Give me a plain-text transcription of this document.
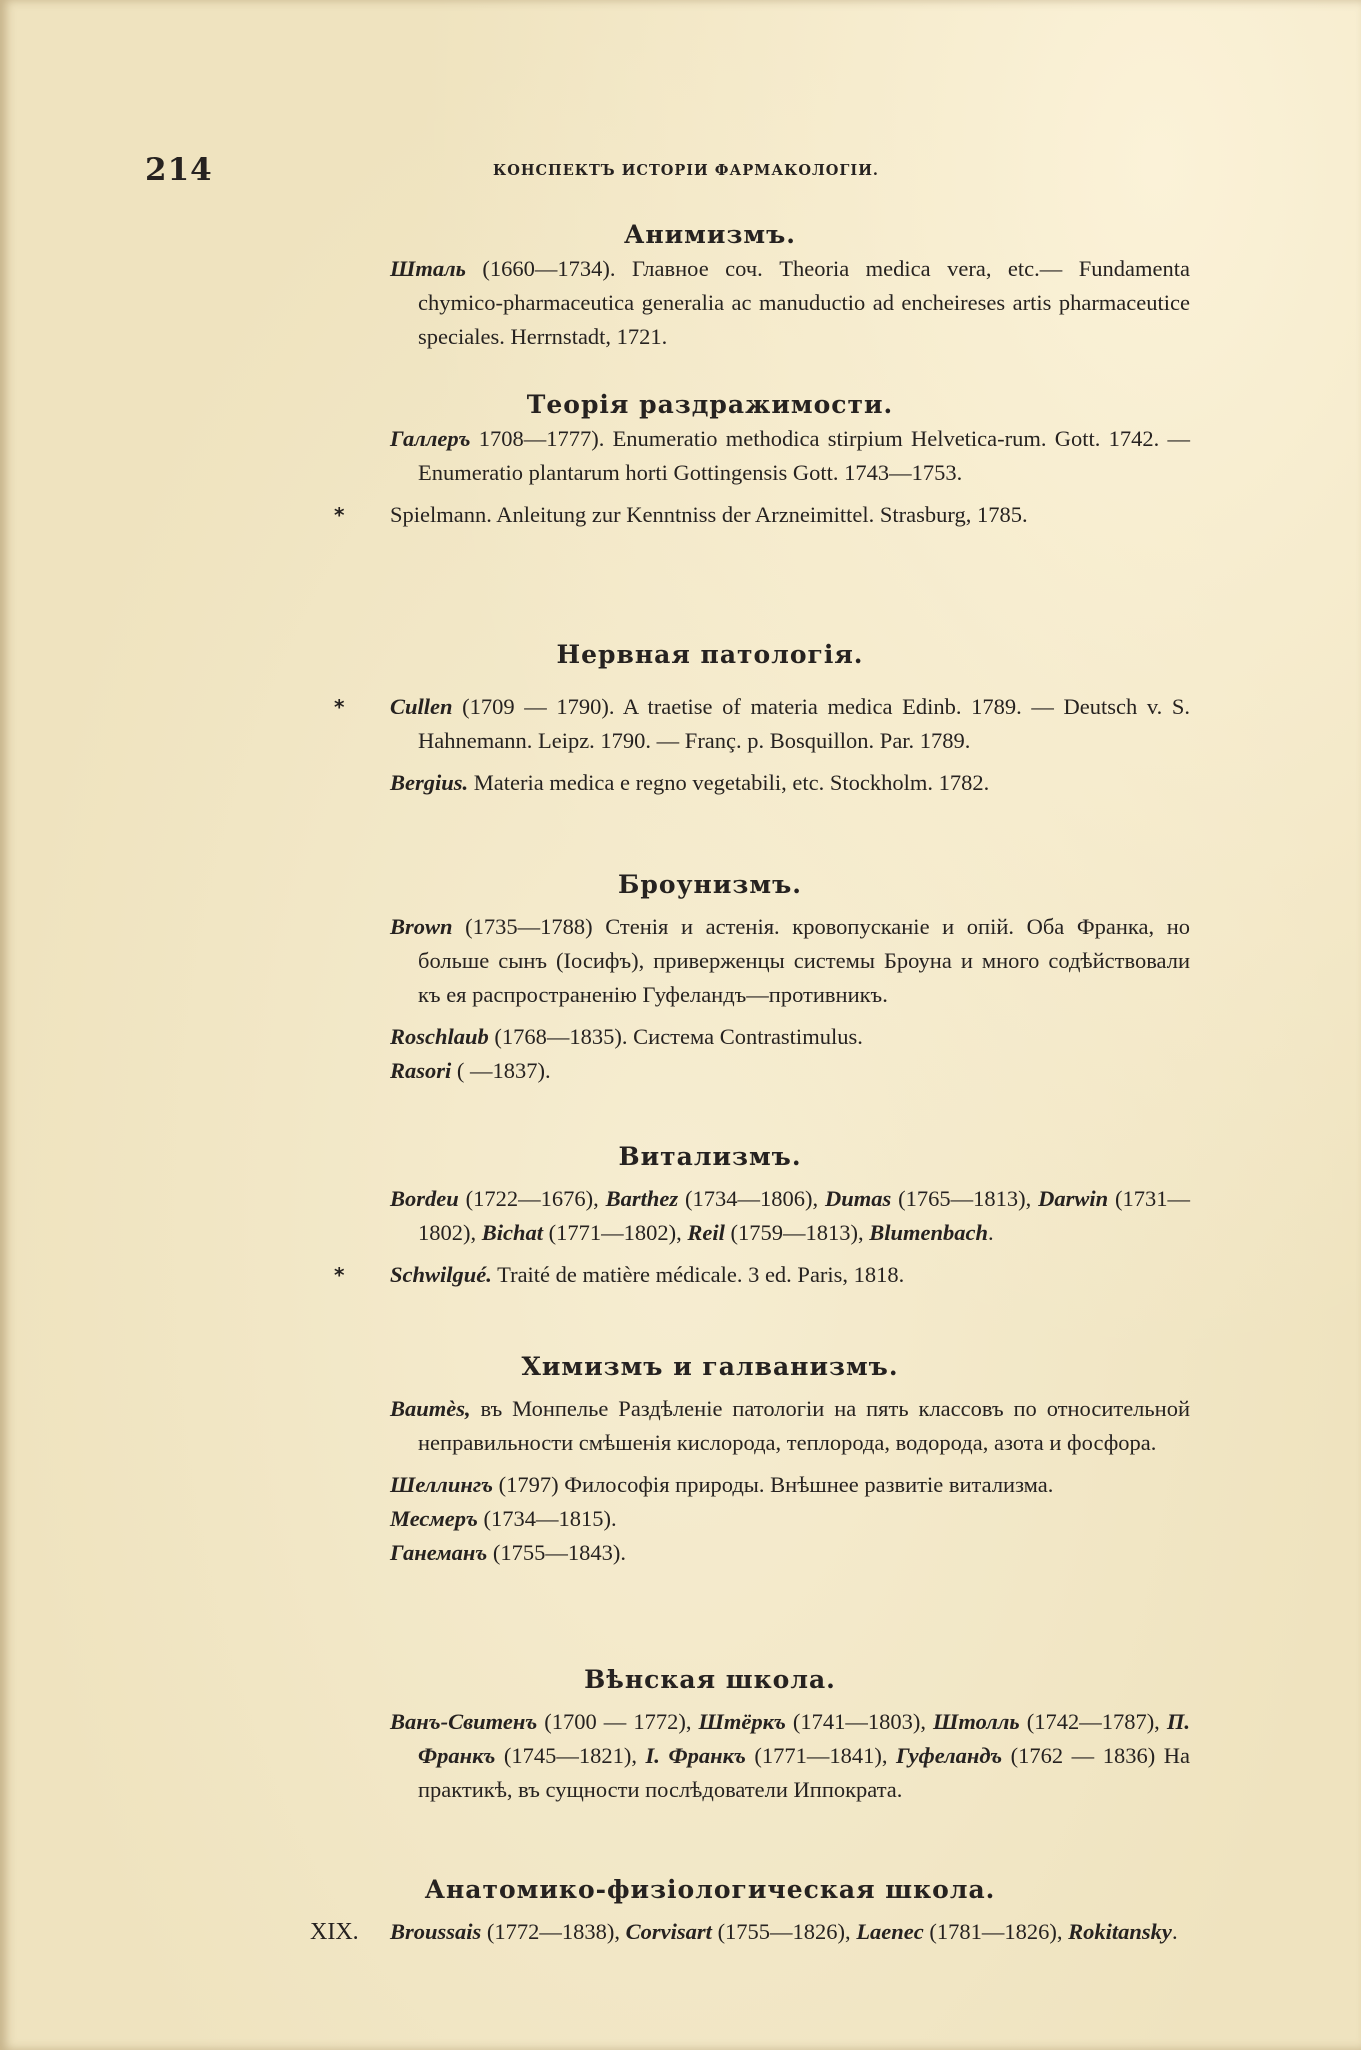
214	КОНСПЕКТЪ ИСТОРІИ ФАРМАКОЛОГІИ.
Анимизмъ.
Шталь (1660—1734). Главное соч. Theoria medica vera, etc.— Fundamenta chymico-pharmaceutica generalia ac manuductio ad encheireses artis pharmaceutice speciales. Herrnstadt, 1721.
Теорія раздражимости.
Галлеръ 1708—1777). Enumeratio methodica stirpium Helvetica-rum. Gott. 1742. — Enumeratio plantarum horti Gottingensis Gott. 1743—1753.
* Spielmann. Anleitung zur Kenntniss der Arzneimittel. Strasburg, 1785.
Нервная патологія.
* Cullen (1709 — 1790). A traetise of materia medica Edinb. 1789. — Deutsch v. S. Hahnemann. Leipz. 1790. — Franç. p. Bosquillon. Par. 1789.
Bergius. Materia medica e regno vegetabili, etc. Stockholm. 1782.
Броунизмъ.
Brown (1735—1788) Стенія и астенія. кровопусканіе и опій. Оба Франка, но больше сынъ (Іосифъ), приверженцы системы Броуна и много содѣйствовали къ ея распространенію Гуфеландъ—противникъ.
Roschlaub (1768—1835). Система Contrastimulus.
Rasori ( —1837).
Витализмъ.
Bordeu (1722—1676), Barthez (1734—1806), Dumas (1765—1813), Darwin (1731—1802), Bichat (1771—1802), Reil (1759—1813), Blumenbach.
* Schwilgué. Traité de matière médicale. 3 ed. Paris, 1818.
Химизмъ и галванизмъ.
Baumès, въ Монпелье Раздѣленіе патологіи на пять классовъ по относительной неправильности смѣшенія кислорода, теплорода, водорода, азота и фосфора.
Шеллингъ (1797) Философія природы. Внѣшнее развитіе витализма.
Месмеръ (1734—1815).
Ганеманъ (1755—1843).
Вѣнская школа.
Ванъ-Свитенъ (1700 — 1772), Штёркъ (1741—1803), Штолль (1742—1787), П. Франкъ (1745—1821), І. Франкъ (1771—1841), Гуфеландъ (1762 — 1836) На практикѣ, въ сущности послѣдователи Иппократа.
Анатомико-физіологическая школа.
XIX. Broussais (1772—1838), Corvisart (1755—1826), Laenec (1781—1826), Rokitansky.
